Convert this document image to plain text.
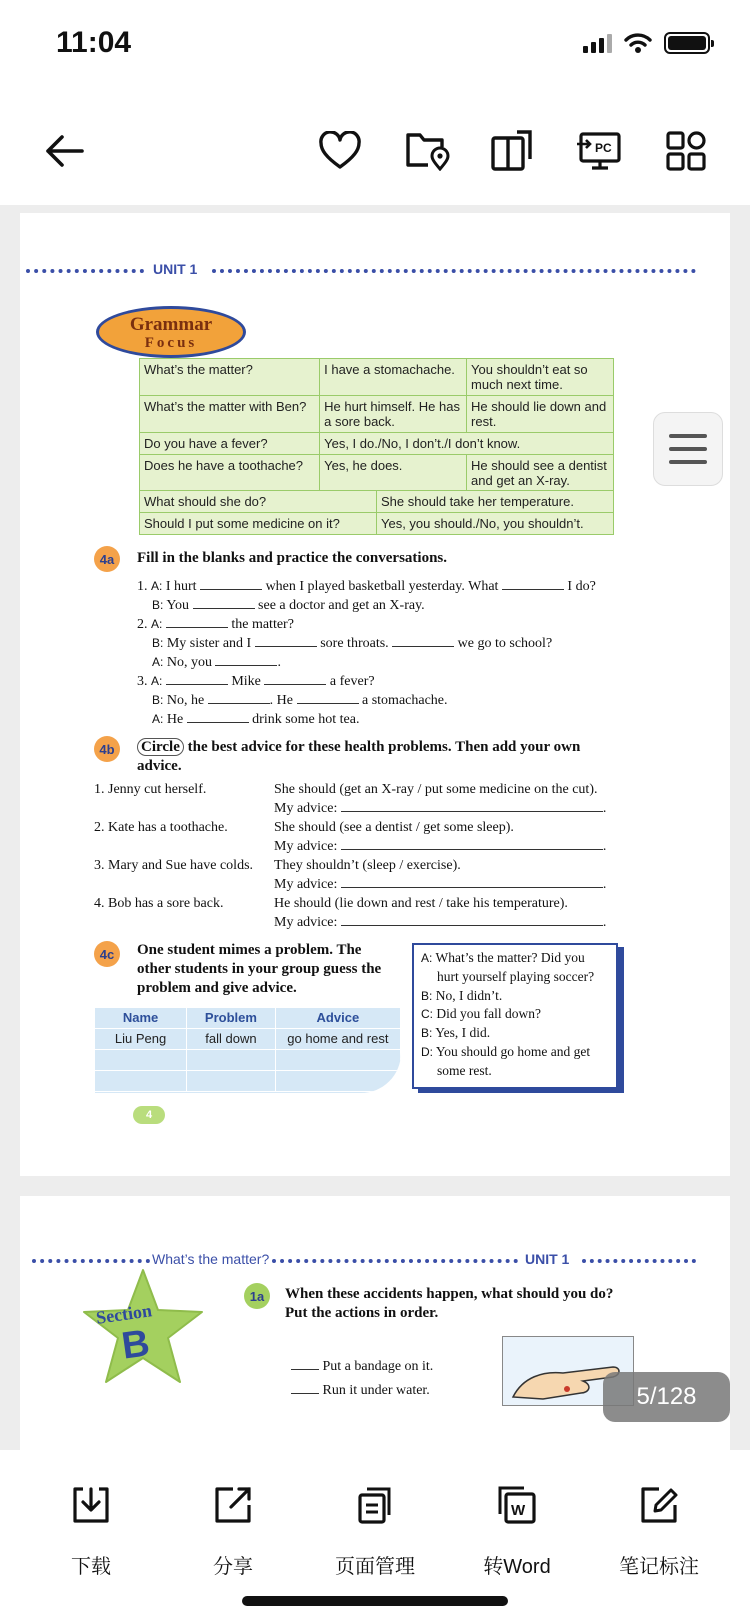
11:04
PC
UNIT 1
Grammar
Focus
What’s the matter?	I have a stomachache.	You shouldn’t eat so much next time.
What’s the matter with Ben?	He hurt himself. He has a sore back.	He should lie down and rest.
Do you have a fever?	Yes, I do./No, I don’t./I don’t know.	
Does he have a toothache?	Yes, he does.	He should see a dentist and get an X-ray.
What should she do?	She should take her temperature.
Should I put some medicine on it?	Yes, you should./No, you shouldn’t.
4a	Fill in the blanks and practice the conversations.
1. A: I hurt	when I played basketball yesterday. What	I do?
B: You	see a doctor and get an X-ray.
2. A:	the matter?
B: My sister and I	sore throats.	we go to school?
A: No, you	.
3. A:	Mike	a fever?
B: No, he	. He	a stomachache.
A: He	drink some hot tea.
4b	Circle the best advice for these health problems. Then add your own
advice.
1. Jenny cut herself.	She should (get an X-ray / put some medicine on the cut).
My advice:	.
2. Kate has a toothache.	She should (see a dentist / get some sleep).
My advice:	.
3. Mary and Sue have colds. They shouldn’t (sleep / exercise).
My advice:	.
4. Bob has a sore back.	He should (lie down and rest / take his temperature).
My advice:	.
4c	One student mimes a problem. The
other students in your group guess the
problem and give advice.
Name	Problem	Advice
Liu Peng	fall down	go home and rest

A: What’s the matter? Did you
hurt yourself playing soccer?
B: No, I didn’t.
C: Did you fall down?
B: Yes, I did.
D: You should go home and get
some rest.
4
What’s the matter?	UNIT 1
Section
B
1a	When these accidents happen, what should you do?
Put the actions in order.
Put a bandage on it.
Run it under water.	5/128
下载	分享	页面管理
W
转Word	笔记标注
